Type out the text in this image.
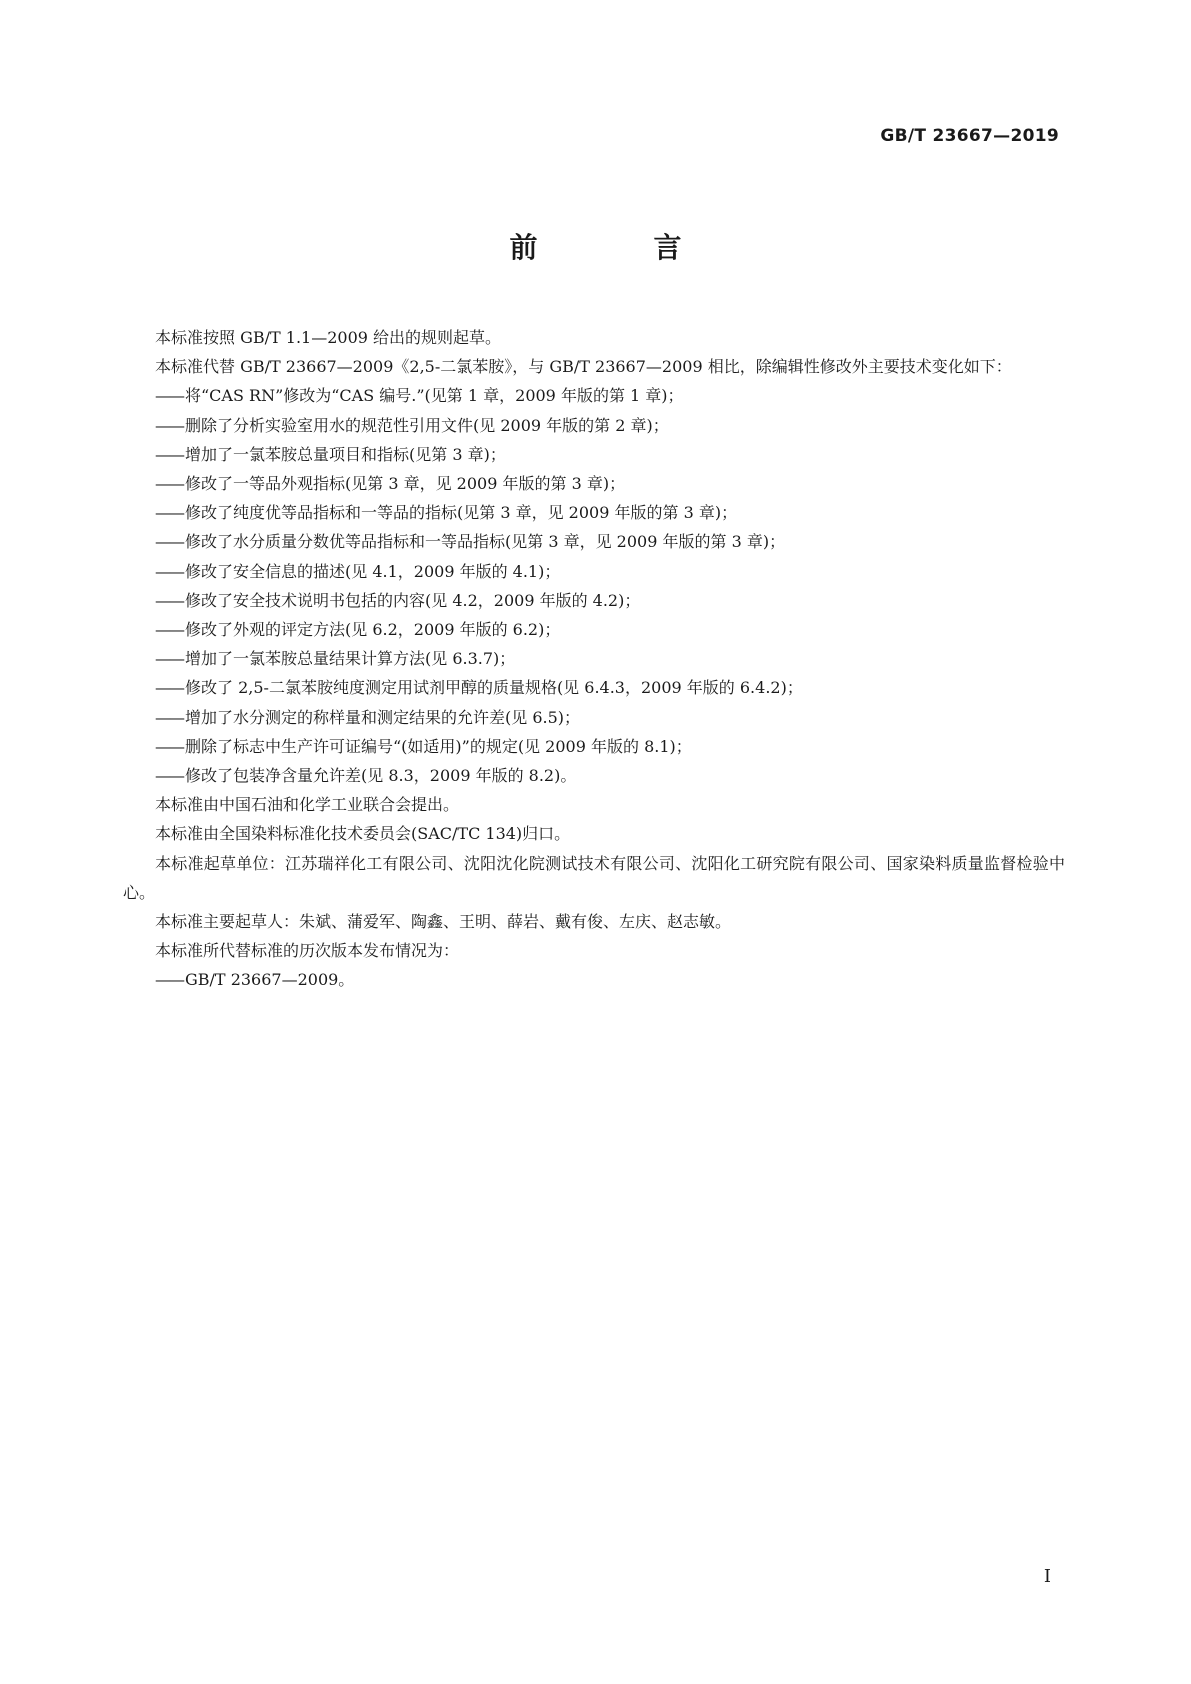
GB/T 23667—2019
前　言

本标准按照 GB/T 1.1—2009 给出的规则起草。

本标准代替 GB/T 23667—2009《2,5-二氯苯胺》，与 GB/T 23667—2009 相比，除编辑性修改外主要技术变化如下：

—— 将“CAS RN”修改为“CAS 编号.”(见第 1 章，2009 年版的第 1 章)；
—— 删除了分析实验室用水的规范性引用文件(见 2009 年版的第 2 章)；
—— 增加了一氯苯胺总量项目和指标(见第 3 章)；
—— 修改了一等品外观指标(见第 3 章，见 2009 年版的第 3 章)；
—— 修改了纯度优等品指标和一等品的指标(见第 3 章，见 2009 年版的第 3 章)；
—— 修改了水分质量分数优等品指标和一等品指标(见第 3 章，见 2009 年版的第 3 章)；
—— 修改了安全信息的描述(见 4.1，2009 年版的 4.1)；
—— 修改了安全技术说明书包括的内容(见 4.2，2009 年版的 4.2)；
—— 修改了外观的评定方法(见 6.2，2009 年版的 6.2)；
—— 增加了一氯苯胺总量结果计算方法(见 6.3.7)；
—— 修改了 2,5-二氯苯胺纯度测定用试剂甲醇的质量规格(见 6.4.3，2009 年版的 6.4.2)；
—— 增加了水分测定的称样量和测定结果的允许差(见 6.5)；
—— 删除了标志中生产许可证编号“(如适用)”的规定(见 2009 年版的 8.1)；
—— 修改了包装净含量允许差(见 8.3，2009 年版的 8.2)。

本标准由中国石油和化学工业联合会提出。

本标准由全国染料标准化技术委员会(SAC/TC 134)归口。

本标准起草单位：江苏瑞祥化工有限公司、沈阳沈化院测试技术有限公司、沈阳化工研究院有限公司、国家染料质量监督检验中心。

本标准主要起草人：朱斌、蒲爱军、陶鑫、王明、薛岩、戴有俊、左庆、赵志敏。

本标准所代替标准的历次版本发布情况为：

—— GB/T 23667—2009。
I
